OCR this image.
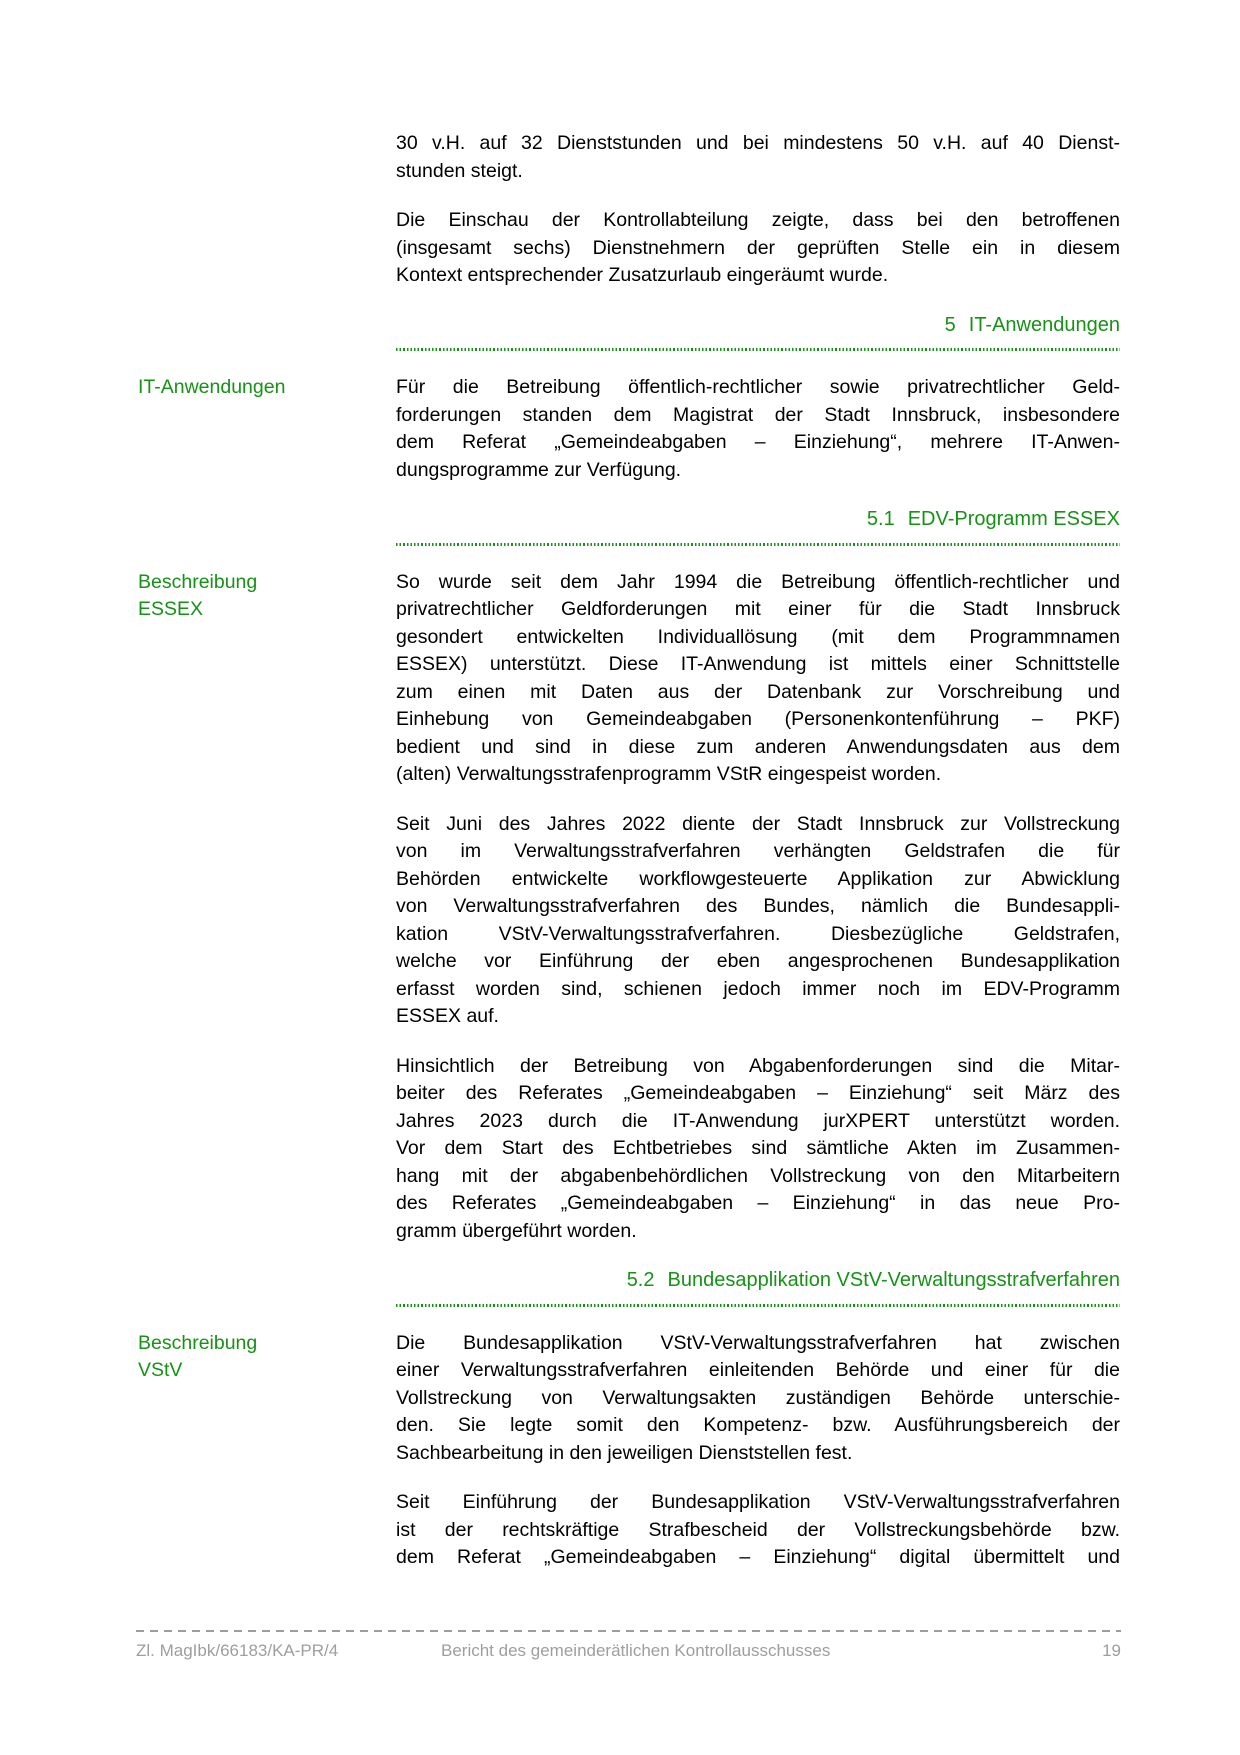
30 v.H. auf 32 Dienststunden und bei mindestens 50 v.H. auf 40 Dienst-
stunden steigt.
Die Einschau der Kontrollabteilung zeigte, dass bei den betroffenen
(insgesamt sechs) Dienstnehmern der geprüften Stelle ein in diesem
Kontext entsprechender Zusatzurlaub eingeräumt wurde.
5 IT-Anwendungen
IT-Anwendungen	Für die Betreibung öffentlich-rechtlicher sowie privatrechtlicher Geld-
forderungen standen dem Magistrat der Stadt Innsbruck, insbesondere
dem Referat „Gemeindeabgaben – Einziehung“, mehrere IT-Anwen-
dungsprogramme zur Verfügung.
5.1 EDV-Programm ESSEX
Beschreibung
ESSEX
So wurde seit dem Jahr 1994 die Betreibung öffentlich-rechtlicher und
privatrechtlicher Geldforderungen mit einer für die Stadt Innsbruck
gesondert entwickelten Individuallösung (mit dem Programmnamen
ESSEX) unterstützt. Diese IT-Anwendung ist mittels einer Schnittstelle
zum einen mit Daten aus der Datenbank zur Vorschreibung und
Einhebung von Gemeindeabgaben (Personenkontenführung – PKF)
bedient und sind in diese zum anderen Anwendungsdaten aus dem
(alten) Verwaltungsstrafenprogramm VStR eingespeist worden.
Seit Juni des Jahres 2022 diente der Stadt Innsbruck zur Vollstreckung
von im Verwaltungsstrafverfahren verhängten Geldstrafen die für
Behörden entwickelte workflowgesteuerte Applikation zur Abwicklung
von Verwaltungsstrafverfahren des Bundes, nämlich die Bundesappli-
kation VStV-Verwaltungsstrafverfahren. Diesbezügliche Geldstrafen,
welche vor Einführung der eben angesprochenen Bundesapplikation
erfasst worden sind, schienen jedoch immer noch im EDV-Programm
ESSEX auf.
Hinsichtlich der Betreibung von Abgabenforderungen sind die Mitar-
beiter des Referates „Gemeindeabgaben – Einziehung“ seit März des
Jahres 2023 durch die IT-Anwendung jurXPERT unterstützt worden.
Vor dem Start des Echtbetriebes sind sämtliche Akten im Zusammen-
hang mit der abgabenbehördlichen Vollstreckung von den Mitarbeitern
des Referates „Gemeindeabgaben – Einziehung“ in das neue Pro-
gramm übergeführt worden.
5.2 Bundesapplikation VStV-Verwaltungsstrafverfahren
Beschreibung
VStV
Die Bundesapplikation VStV-Verwaltungsstrafverfahren hat zwischen
einer Verwaltungsstrafverfahren einleitenden Behörde und einer für die
Vollstreckung von Verwaltungsakten zuständigen Behörde unterschie-
den. Sie legte somit den Kompetenz- bzw. Ausführungsbereich der
Sachbearbeitung in den jeweiligen Dienststellen fest.
Seit Einführung der Bundesapplikation VStV-Verwaltungsstrafverfahren
ist der rechtskräftige Strafbescheid der Vollstreckungsbehörde bzw.
dem Referat „Gemeindeabgaben – Einziehung“ digital übermittelt und
Zl. MagIbk/66183/KA-PR/4	Bericht des gemeinderätlichen Kontrollausschusses	19
